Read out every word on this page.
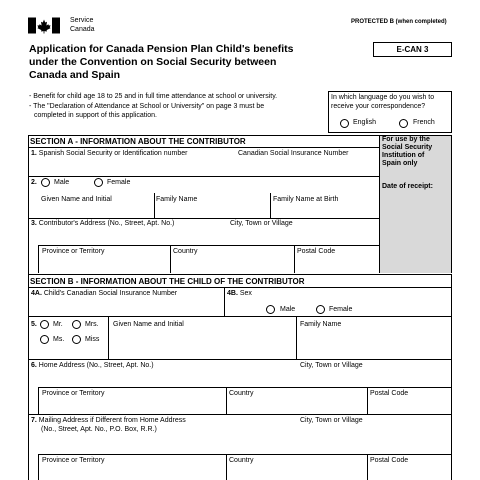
Service
Canada
PROTECTED B (when completed)
E-CAN 3
Application for Canada Pension Plan Child's benefits
under the Convention on Social Security between
Canada and Spain
- Benefit for child age 18 to 25 and in full time attendance at school or university.
- The "Declaration of Attendance at School or University" on page 3 must be
completed in support of this application.
In which language do you wish to
receive your correspondence?
English	French
For use by the
Social Security
Institution of
Spain only
Date of receipt:
SECTION A - INFORMATION ABOUT THE CONTRIBUTOR
1. Spanish Social Security or Identification number	Canadian Social Insurance Number
2. Male	Female
Given Name and Initial	Family Name	Family Name at Birth
3. Contributor's Address (No., Street, Apt. No.)	City, Town or Village
Province or Territory	Country	Postal Code
SECTION B - INFORMATION ABOUT THE CHILD OF THE CONTRIBUTOR
4A. Child's Canadian Social Insurance Number	4B. Sex
Male	Female
5. Mr.	Mrs.
Ms.	Miss
Given Name and Initial	Family Name
6. Home Address (No., Street, Apt. No.)	City, Town or Village
Province or Territory	Country	Postal Code
7. Mailing Address if Different from Home Address
(No., Street, Apt. No., P.O. Box, R.R.)
City, Town or Village
Province or Territory	Country	Postal Code
